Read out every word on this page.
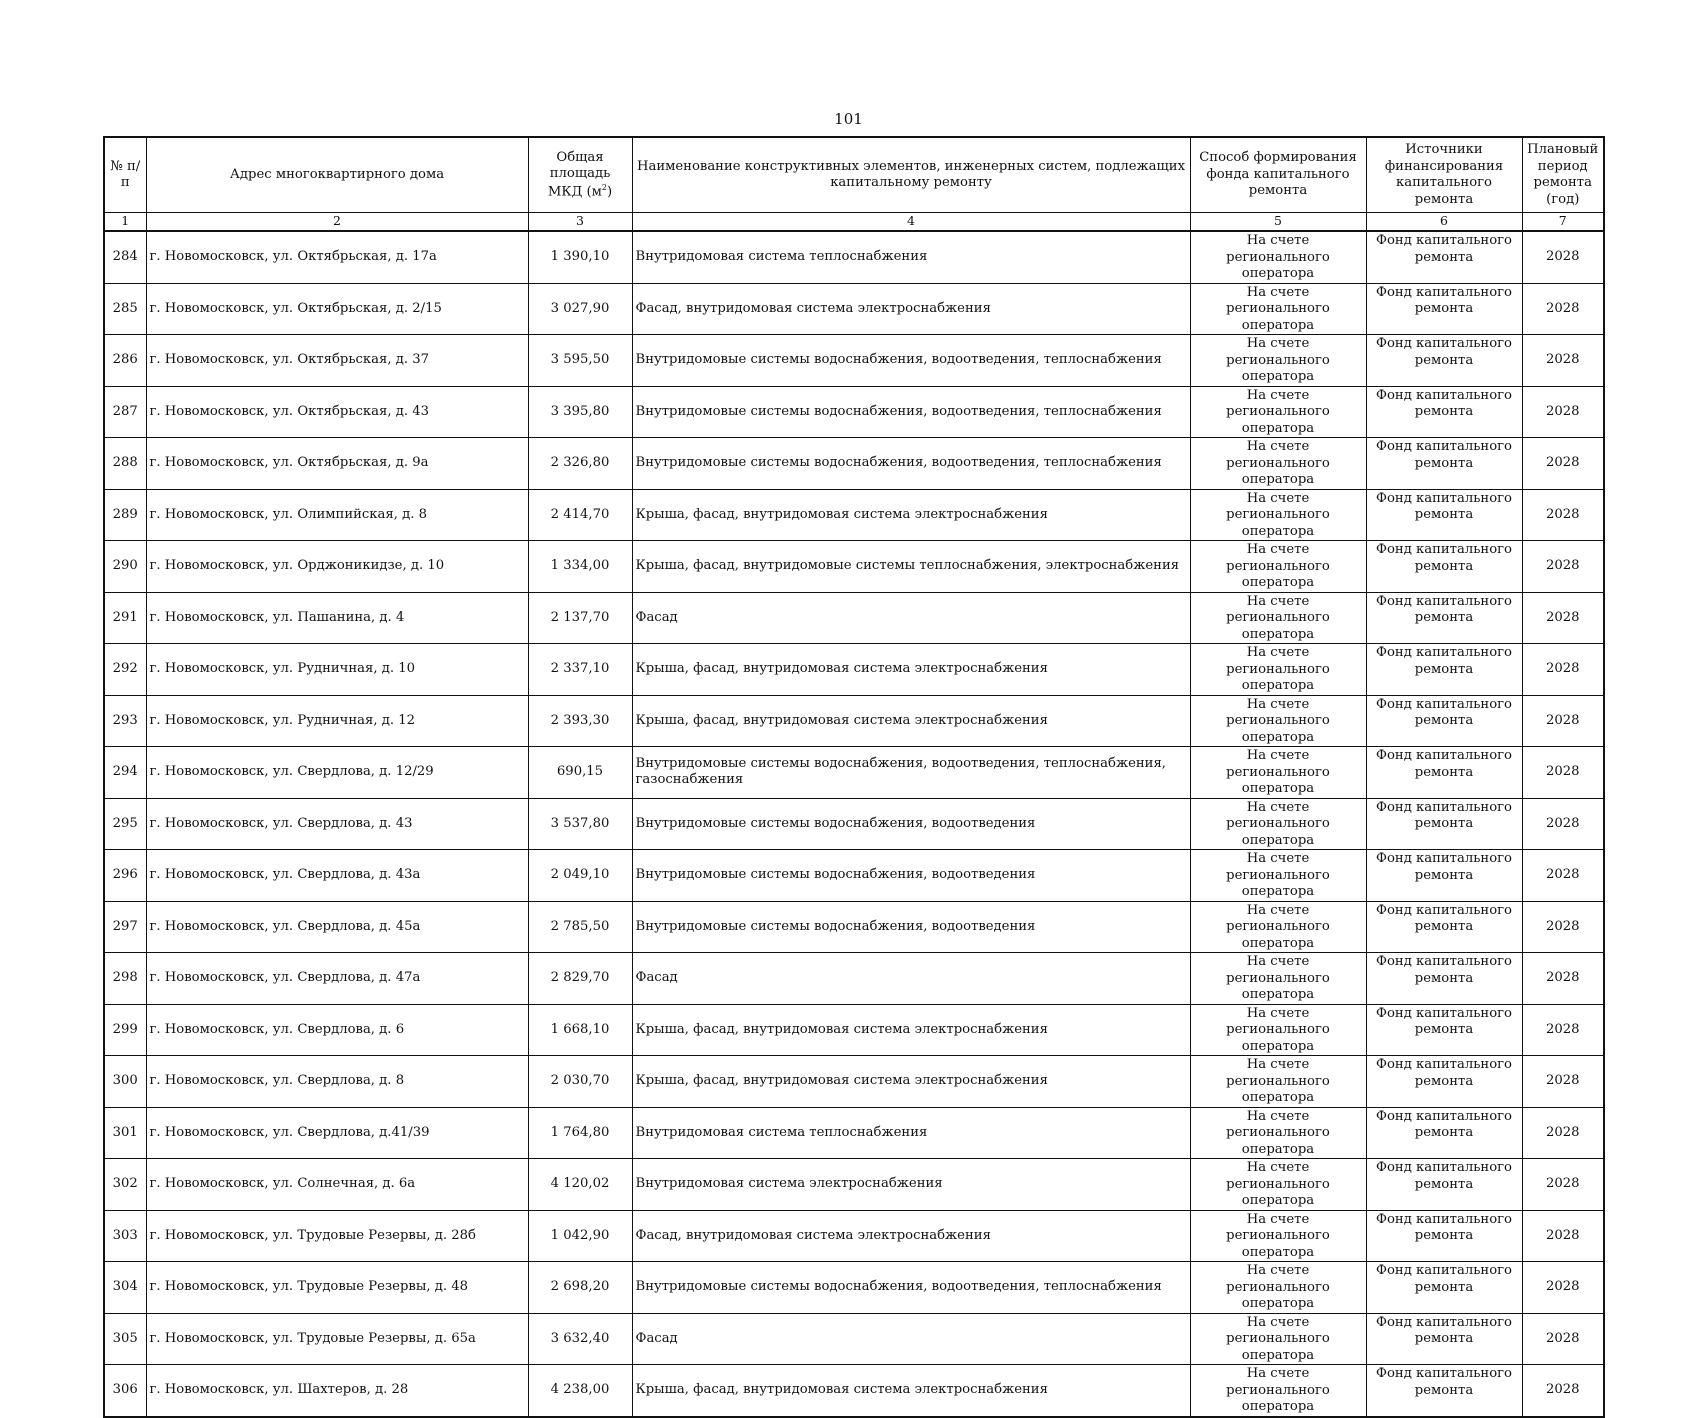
101
№ п/п	Адрес многоквартирного дома	Общая площадь МКД $(м^2)$	Наименование конструктивных элементов, инженерных систем, подлежащих капитальному ремонту	Способ формирования фонда капитального ремонта	Источники финансирования капитального ремонта	Плановый период ремонта (год)
1	2	3	4	5	6	7
284	г. Новомосковск, ул. Октябрьская, д. 17а	1 390,10	Внутридомовая система теплоснабжения	На счете регионального оператора	Фонд капитального ремонта	2028
285	г. Новомосковск, ул. Октябрьская, д. 2/15	3 027,90	Фасад, внутридомовая система электроснабжения	На счете регионального оператора	Фонд капитального ремонта	2028
286	г. Новомосковск, ул. Октябрьская, д. 37	3 595,50	Внутридомовые системы водоснабжения, водоотведения, теплоснабжения	На счете регионального оператора	Фонд капитального ремонта	2028
287	г. Новомосковск, ул. Октябрьская, д. 43	3 395,80	Внутридомовые системы водоснабжения, водоотведения, теплоснабжения	На счете регионального оператора	Фонд капитального ремонта	2028
288	г. Новомосковск, ул. Октябрьская, д. 9а	2 326,80	Внутридомовые системы водоснабжения, водоотведения, теплоснабжения	На счете регионального оператора	Фонд капитального ремонта	2028
289	г. Новомосковск, ул. Олимпийская, д. 8	2 414,70	Крыша, фасад, внутридомовая система электроснабжения	На счете регионального оператора	Фонд капитального ремонта	2028
290	г. Новомосковск, ул. Орджоникидзе, д. 10	1 334,00	Крыша, фасад, внутридомовые системы теплоснабжения, электроснабжения	На счете регионального оператора	Фонд капитального ремонта	2028
291	г. Новомосковск, ул. Пашанина, д. 4	2 137,70	Фасад	На счете регионального оператора	Фонд капитального ремонта	2028
292	г. Новомосковск, ул. Рудничная, д. 10	2 337,10	Крыша, фасад, внутридомовая система электроснабжения	На счете регионального оператора	Фонд капитального ремонта	2028
293	г. Новомосковск, ул. Рудничная, д. 12	2 393,30	Крыша, фасад, внутридомовая система электроснабжения	На счете регионального оператора	Фонд капитального ремонта	2028
294	г. Новомосковск, ул. Свердлова, д. 12/29	690,15	Внутридомовые системы водоснабжения, водоотведения, теплоснабжения, газоснабжения	На счете регионального оператора	Фонд капитального ремонта	2028
295	г. Новомосковск, ул. Свердлова, д. 43	3 537,80	Внутридомовые системы водоснабжения, водоотведения	На счете регионального оператора	Фонд капитального ремонта	2028
296	г. Новомосковск, ул. Свердлова, д. 43а	2 049,10	Внутридомовые системы водоснабжения, водоотведения	На счете регионального оператора	Фонд капитального ремонта	2028
297	г. Новомосковск, ул. Свердлова, д. 45а	2 785,50	Внутридомовые системы водоснабжения, водоотведения	На счете регионального оператора	Фонд капитального ремонта	2028
298	г. Новомосковск, ул. Свердлова, д. 47а	2 829,70	Фасад	На счете регионального оператора	Фонд капитального ремонта	2028
299	г. Новомосковск, ул. Свердлова, д. 6	1 668,10	Крыша, фасад, внутридомовая система электроснабжения	На счете регионального оператора	Фонд капитального ремонта	2028
300	г. Новомосковск, ул. Свердлова, д. 8	2 030,70	Крыша, фасад, внутридомовая система электроснабжения	На счете регионального оператора	Фонд капитального ремонта	2028
301	г. Новомосковск, ул. Свердлова, д.41/39	1 764,80	Внутридомовая система теплоснабжения	На счете регионального оператора	Фонд капитального ремонта	2028
302	г. Новомосковск, ул. Солнечная, д. 6а	4 120,02	Внутридомовая система электроснабжения	На счете регионального оператора	Фонд капитального ремонта	2028
303	г. Новомосковск, ул. Трудовые Резервы, д. 28б	1 042,90	Фасад, внутридомовая система электроснабжения	На счете регионального оператора	Фонд капитального ремонта	2028
304	г. Новомосковск, ул. Трудовые Резервы, д. 48	2 698,20	Внутридомовые системы водоснабжения, водоотведения, теплоснабжения	На счете регионального оператора	Фонд капитального ремонта	2028
305	г. Новомосковск, ул. Трудовые Резервы, д. 65а	3 632,40	Фасад	На счете регионального оператора	Фонд капитального ремонта	2028
306	г. Новомосковск, ул. Шахтеров, д. 28	4 238,00	Крыша, фасад, внутридомовая система электроснабжения	На счете регионального оператора	Фонд капитального ремонта	2028
